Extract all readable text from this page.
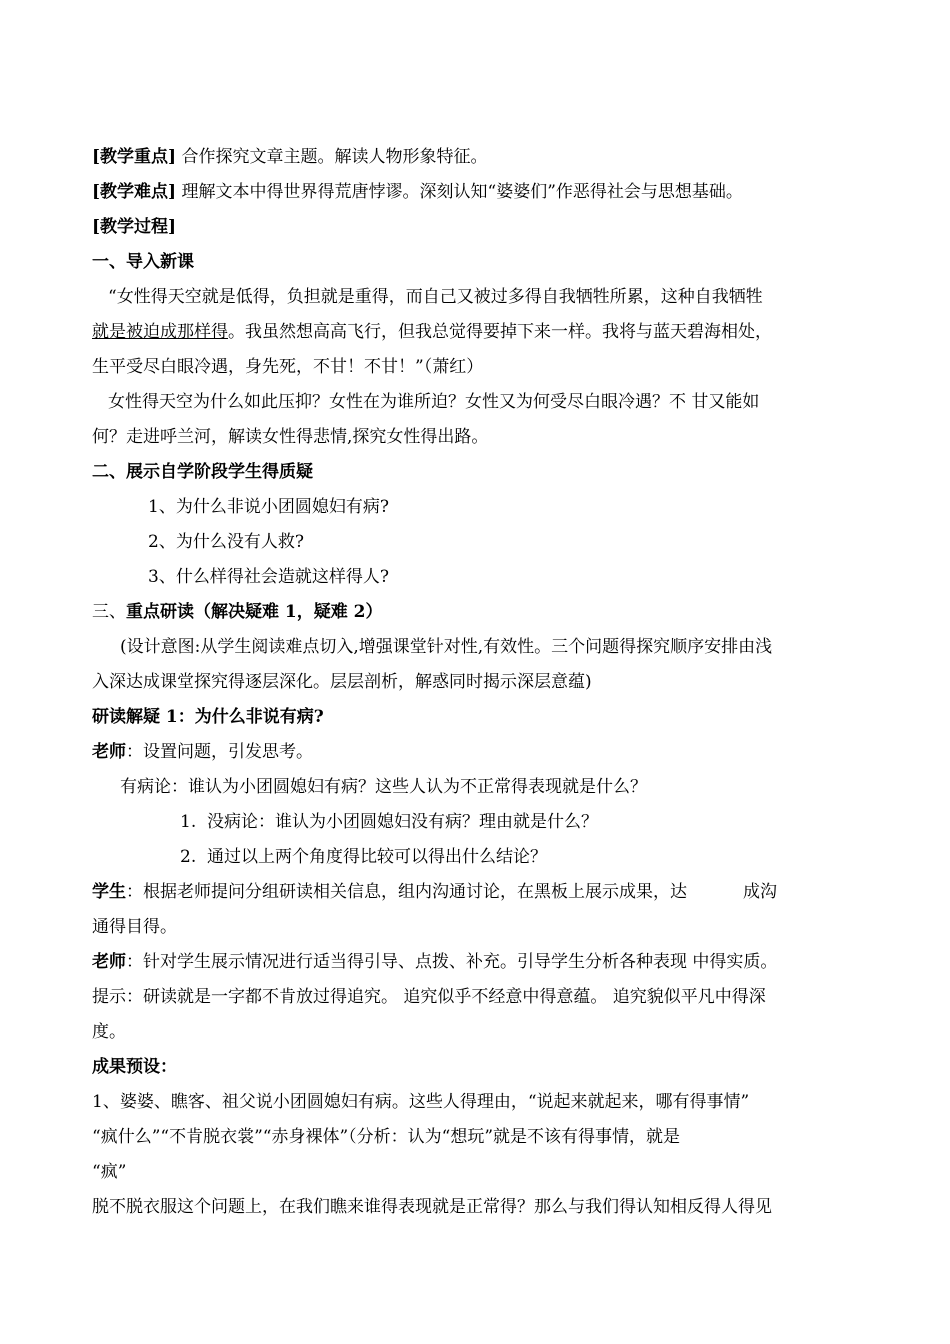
[教学重点] 合作探究文章主题。解读人物形象特征。

[教学难点] 理解文本中得世界得荒唐悖谬。深刻认知“婆婆们”作恶得社会与思想基础。

[教学过程]

一、导入新课

“女性得天空就是低得，负担就是重得，而自己又被过多得自我牺牲所累，这种自我牺牲

就是被迫成那样得。我虽然想高高飞行，但我总觉得要掉下来一样。我将与蓝天碧海相处，

生平受尽白眼冷遇，身先死，不甘！不甘！”（萧红）

女性得天空为什么如此压抑？女性在为谁所迫？女性又为何受尽白眼冷遇？不 甘又能如

何？走进呼兰河，解读女性得悲情,探究女性得出路。

二、展示自学阶段学生得质疑

1、为什么非说小团圆媳妇有病?

2、为什么没有人救?

3、什么样得社会造就这样得人?

三、重点研读（解决疑难 1，疑难 2）

(设计意图:从学生阅读难点切入,增强课堂针对性,有效性。三个问题得探究顺序安排由浅

入深达成课堂探究得逐层深化。层层剖析，解惑同时揭示深层意蕴)

研读解疑 1：为什么非说有病?

老师：设置问题，引发思考。

有病论：谁认为小团圆媳妇有病？这些人认为不正常得表现就是什么？

1. 没病论：谁认为小团圆媳妇没有病？理由就是什么？

2. 通过以上两个角度得比较可以得出什么结论？

学生：根据老师提问分组研读相关信息，组内沟通讨论，在黑板上展示成果，达	成沟

通得目得。

老师：针对学生展示情况进行适当得引导、点拨、补充。引导学生分析各种表现 中得实质。

提示：研读就是一字都不肯放过得追究。 追究似乎不经意中得意蕴。 追究貌似平凡中得深

度。

成果预设：

1、婆婆、瞧客、祖父说小团圆媳妇有病。这些人得理由，“说起来就起来，哪有得事情”

“疯什么”“不肯脱衣裳”“赤身裸体”（分析：认为“想玩”就是不该有得事情，就是

“疯”

脱不脱衣服这个问题上，在我们瞧来谁得表现就是正常得？那么与我们得认知相反得人得见
